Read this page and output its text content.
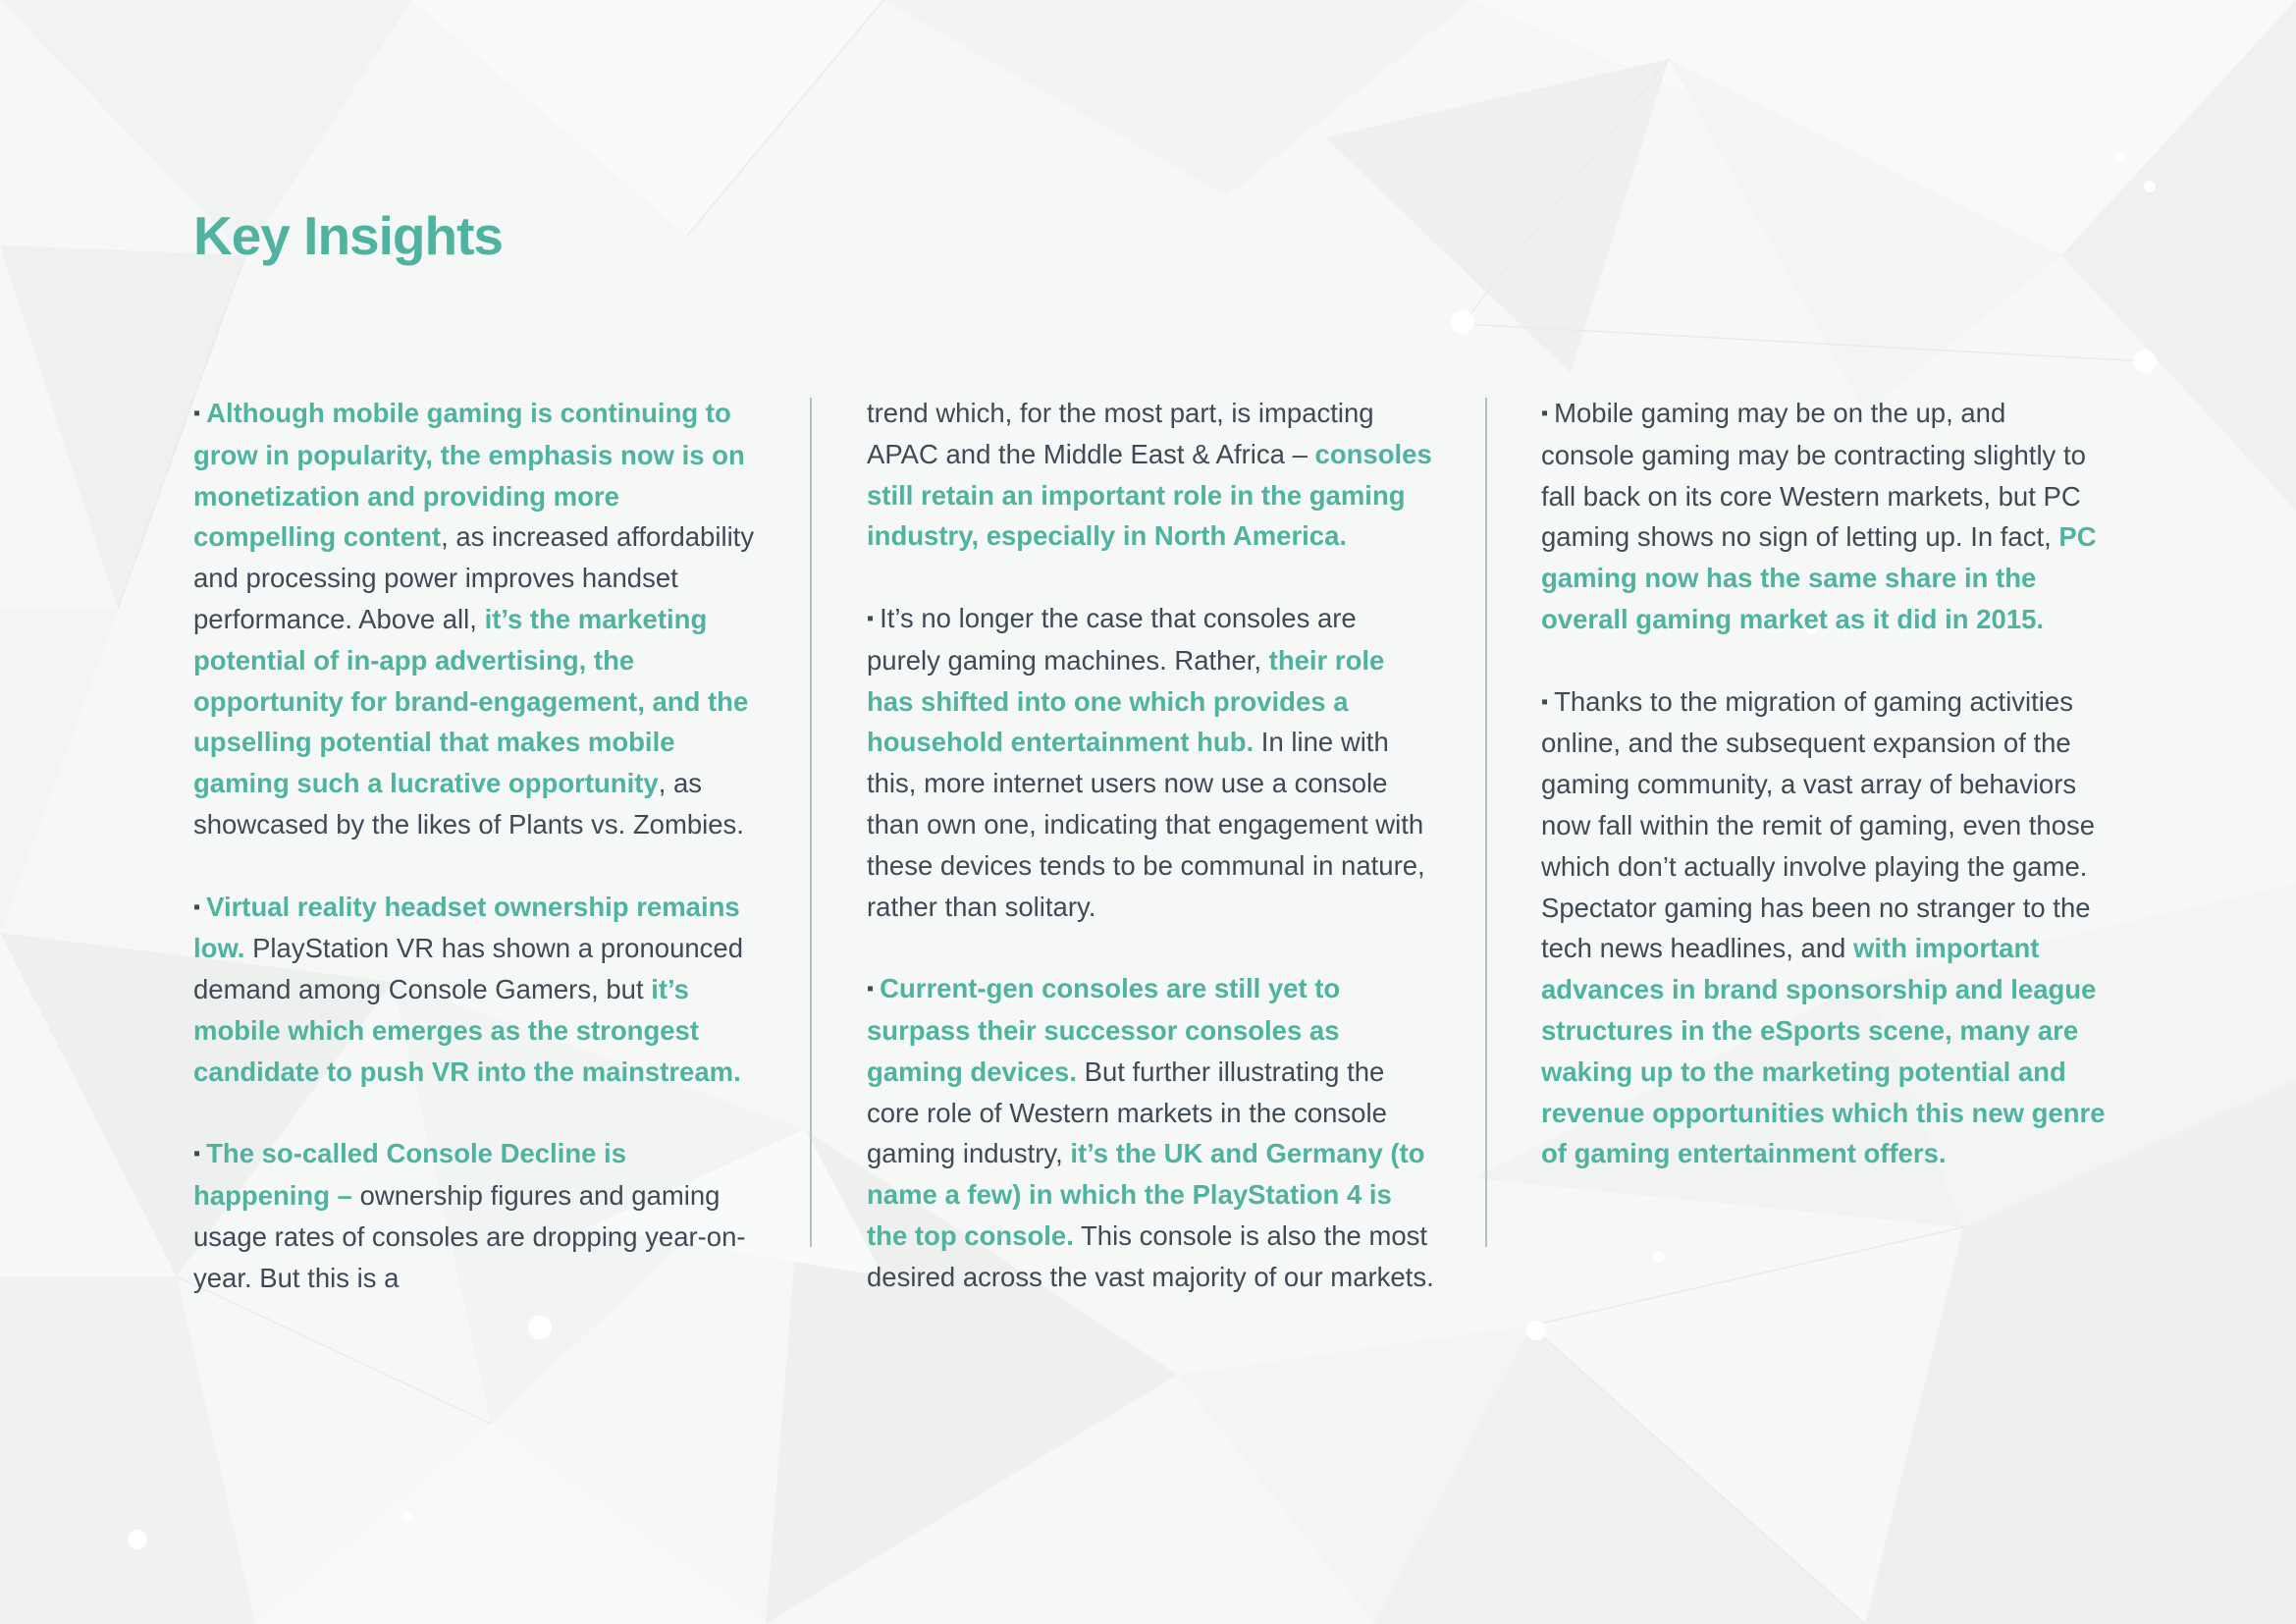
Key Insights

▪ Although mobile gaming is continuing to grow in popularity, the emphasis now is on monetization and providing more compelling content, as increased affordability and processing power improves handset performance. Above all, it’s the marketing potential of in-app advertising, the opportunity for brand-engagement, and the upselling potential that makes mobile gaming such a lucrative opportunity, as showcased by the likes of Plants vs. Zombies.

▪ Virtual reality headset ownership remains low. PlayStation VR has shown a pronounced demand among Console Gamers, but it’s mobile which emerges as the strongest candidate to push VR into the mainstream.

▪ The so-called Console Decline is happening – ownership figures and gaming usage rates of consoles are dropping year-on-year. But this is a

trend which, for the most part, is impacting APAC and the Middle East & Africa – consoles still retain an important role in the gaming industry, especially in North America.

▪ It’s no longer the case that consoles are purely gaming machines. Rather, their role has shifted into one which provides a household entertainment hub. In line with this, more internet users now use a console than own one, indicating that engagement with these devices tends to be communal in nature, rather than solitary.

▪ Current-gen consoles are still yet to surpass their successor consoles as gaming devices. But further illustrating the core role of Western markets in the console gaming industry, it’s the UK and Germany (to name a few) in which the PlayStation 4 is the top console. This console is also the most desired across the vast majority of our markets.

▪ Mobile gaming may be on the up, and console gaming may be contracting slightly to fall back on its core Western markets, but PC gaming shows no sign of letting up. In fact, PC gaming now has the same share in the overall gaming market as it did in 2015.

▪ Thanks to the migration of gaming activities online, and the subsequent expansion of the gaming community, a vast array of behaviors now fall within the remit of gaming, even those which don’t actually involve playing the game. Spectator gaming has been no stranger to the tech news headlines, and with important advances in brand sponsorship and league structures in the eSports scene, many are waking up to the marketing potential and revenue opportunities which this new genre of gaming entertainment offers.
